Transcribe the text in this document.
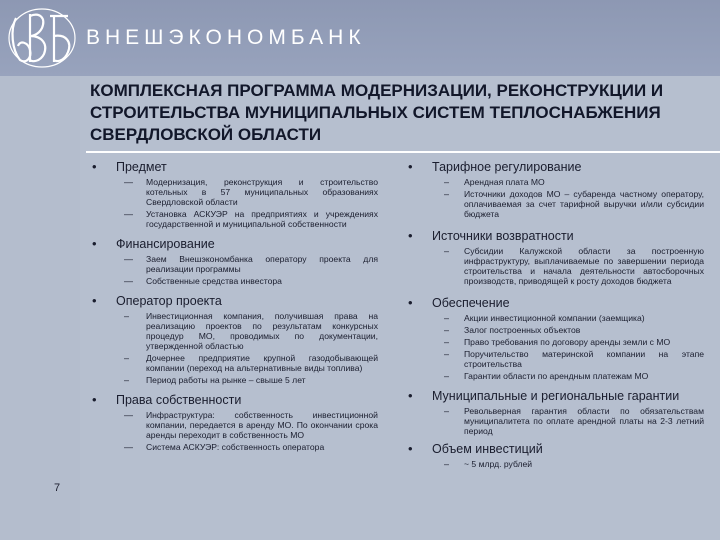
ВНЕШЭКОНОМБАНК
КОМПЛЕКСНАЯ ПРОГРАММА МОДЕРНИЗАЦИИ, РЕКОНСТРУКЦИИ И СТРОИТЕЛЬСТВА МУНИЦИПАЛЬНЫХ СИСТЕМ ТЕПЛОСНАБЖЕНИЯ СВЕРДЛОВСКОЙ ОБЛАСТИ
• Предмет
— Модернизация, реконструкция и строительство котельных в 57 муниципальных образованиях Свердловской области
— Установка АСКУЭР на предприятиях и учреждениях государственной и муниципальной собственности
• Финансирование
— Заем Внешэкономбанка оператору проекта для реализации программы
— Собственные средства инвестора
• Оператор проекта
– Инвестиционная компания, получившая права на реализацию проектов по результатам конкурсных процедур МО, проводимых по документации, утвержденной областью
– Дочернее предприятие крупной газодобывающей компании (переход на альтернативные виды топлива)
– Период работы на рынке – свыше 5 лет
• Права собственности
— Инфраструктура: собственность инвестиционной компании, передается в аренду МО. По окончании срока аренды переходит в собственность МО
— Система АСКУЭР: собственность оператора
• Тарифное регулирование
– Арендная плата МО
– Источники доходов МО – субаренда частному оператору, оплачиваемая за счет тарифной выручки и/или субсидии бюджета
• Источники возвратности
– Субсидии Калужской области за построенную инфраструктуру, выплачиваемые по завершении периода строительства и начала деятельности автосборочных производств, приводящей к росту доходов бюджета
• Обеспечение
– Акции инвестиционной компании (заемщика)
– Залог построенных объектов
– Право требования по договору аренды земли с МО
– Поручительство материнской компании на этапе строительства
– Гарантии области по арендным платежам МО
• Муниципальные и региональные гарантии
– Револьверная гарантия области по обязательствам муниципалитета по оплате арендной платы на 2-3 летний период
• Объем инвестиций
– ~ 5 млрд. рублей
7
